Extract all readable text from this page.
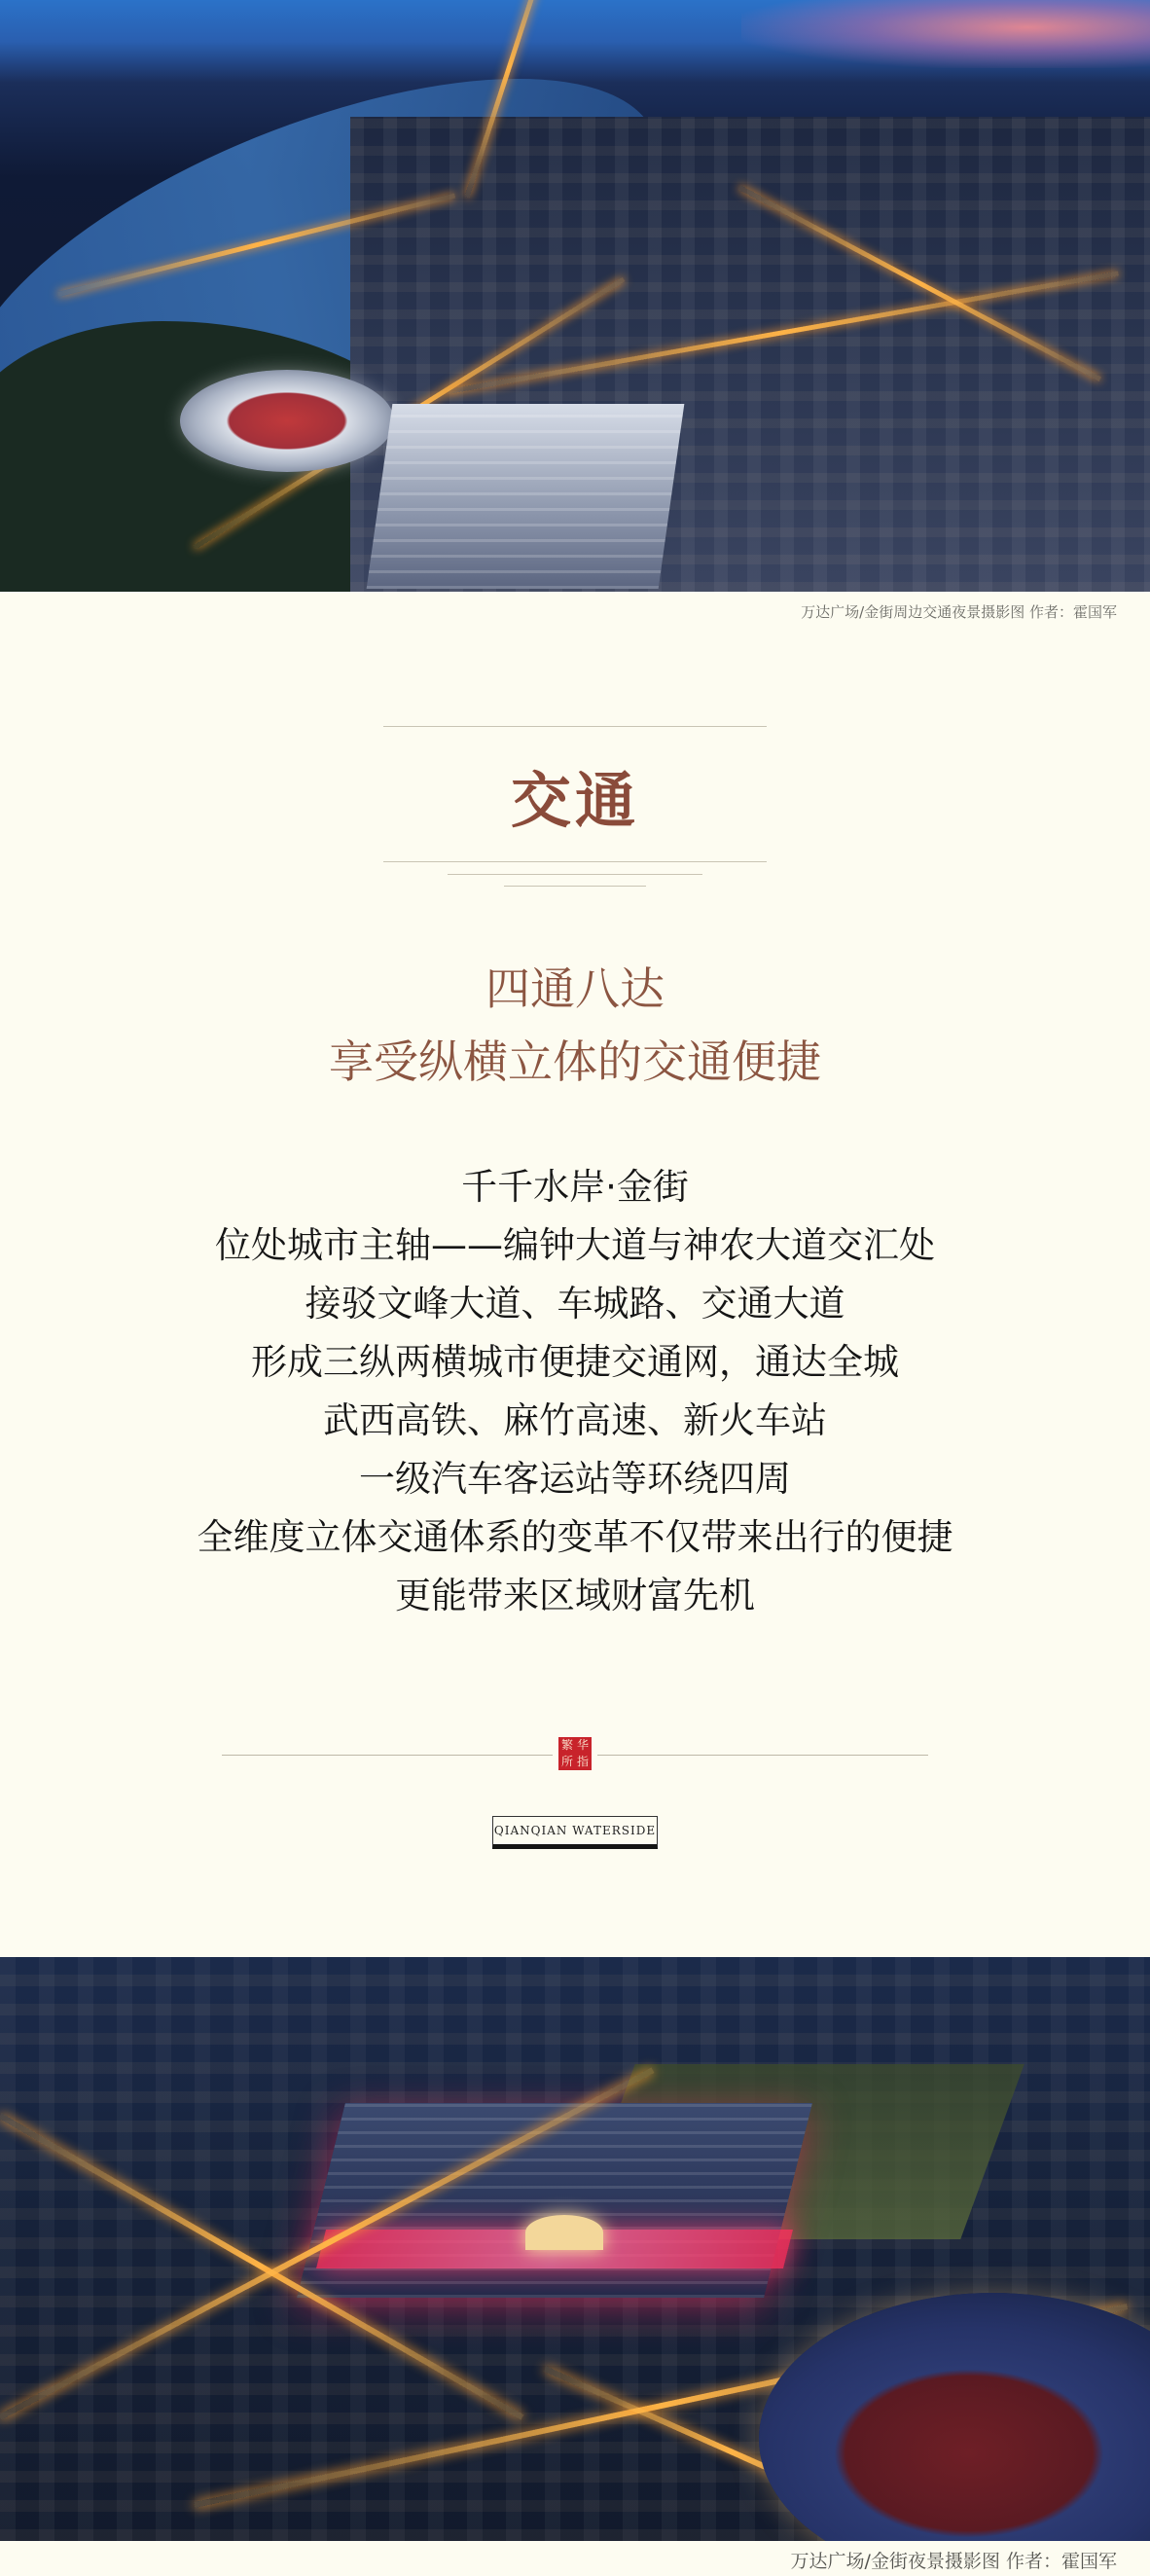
万达广场/金街周边交通夜景摄影图 作者：霍国军
交通
四通八达
享受纵横立体的交通便捷
千千水岸·金街
位处城市主轴——编钟大道与神农大道交汇处
接驳文峰大道、车城路、交通大道
形成三纵两横城市便捷交通网，通达全城
武西高铁、麻竹高速、新火车站
一级汽车客运站等环绕四周
全维度立体交通体系的变革不仅带来出行的便捷
更能带来区域财富先机
繁 华
所 指
QIANQIAN WATERSIDE
万达广场/金街夜景摄影图 作者：霍国军
